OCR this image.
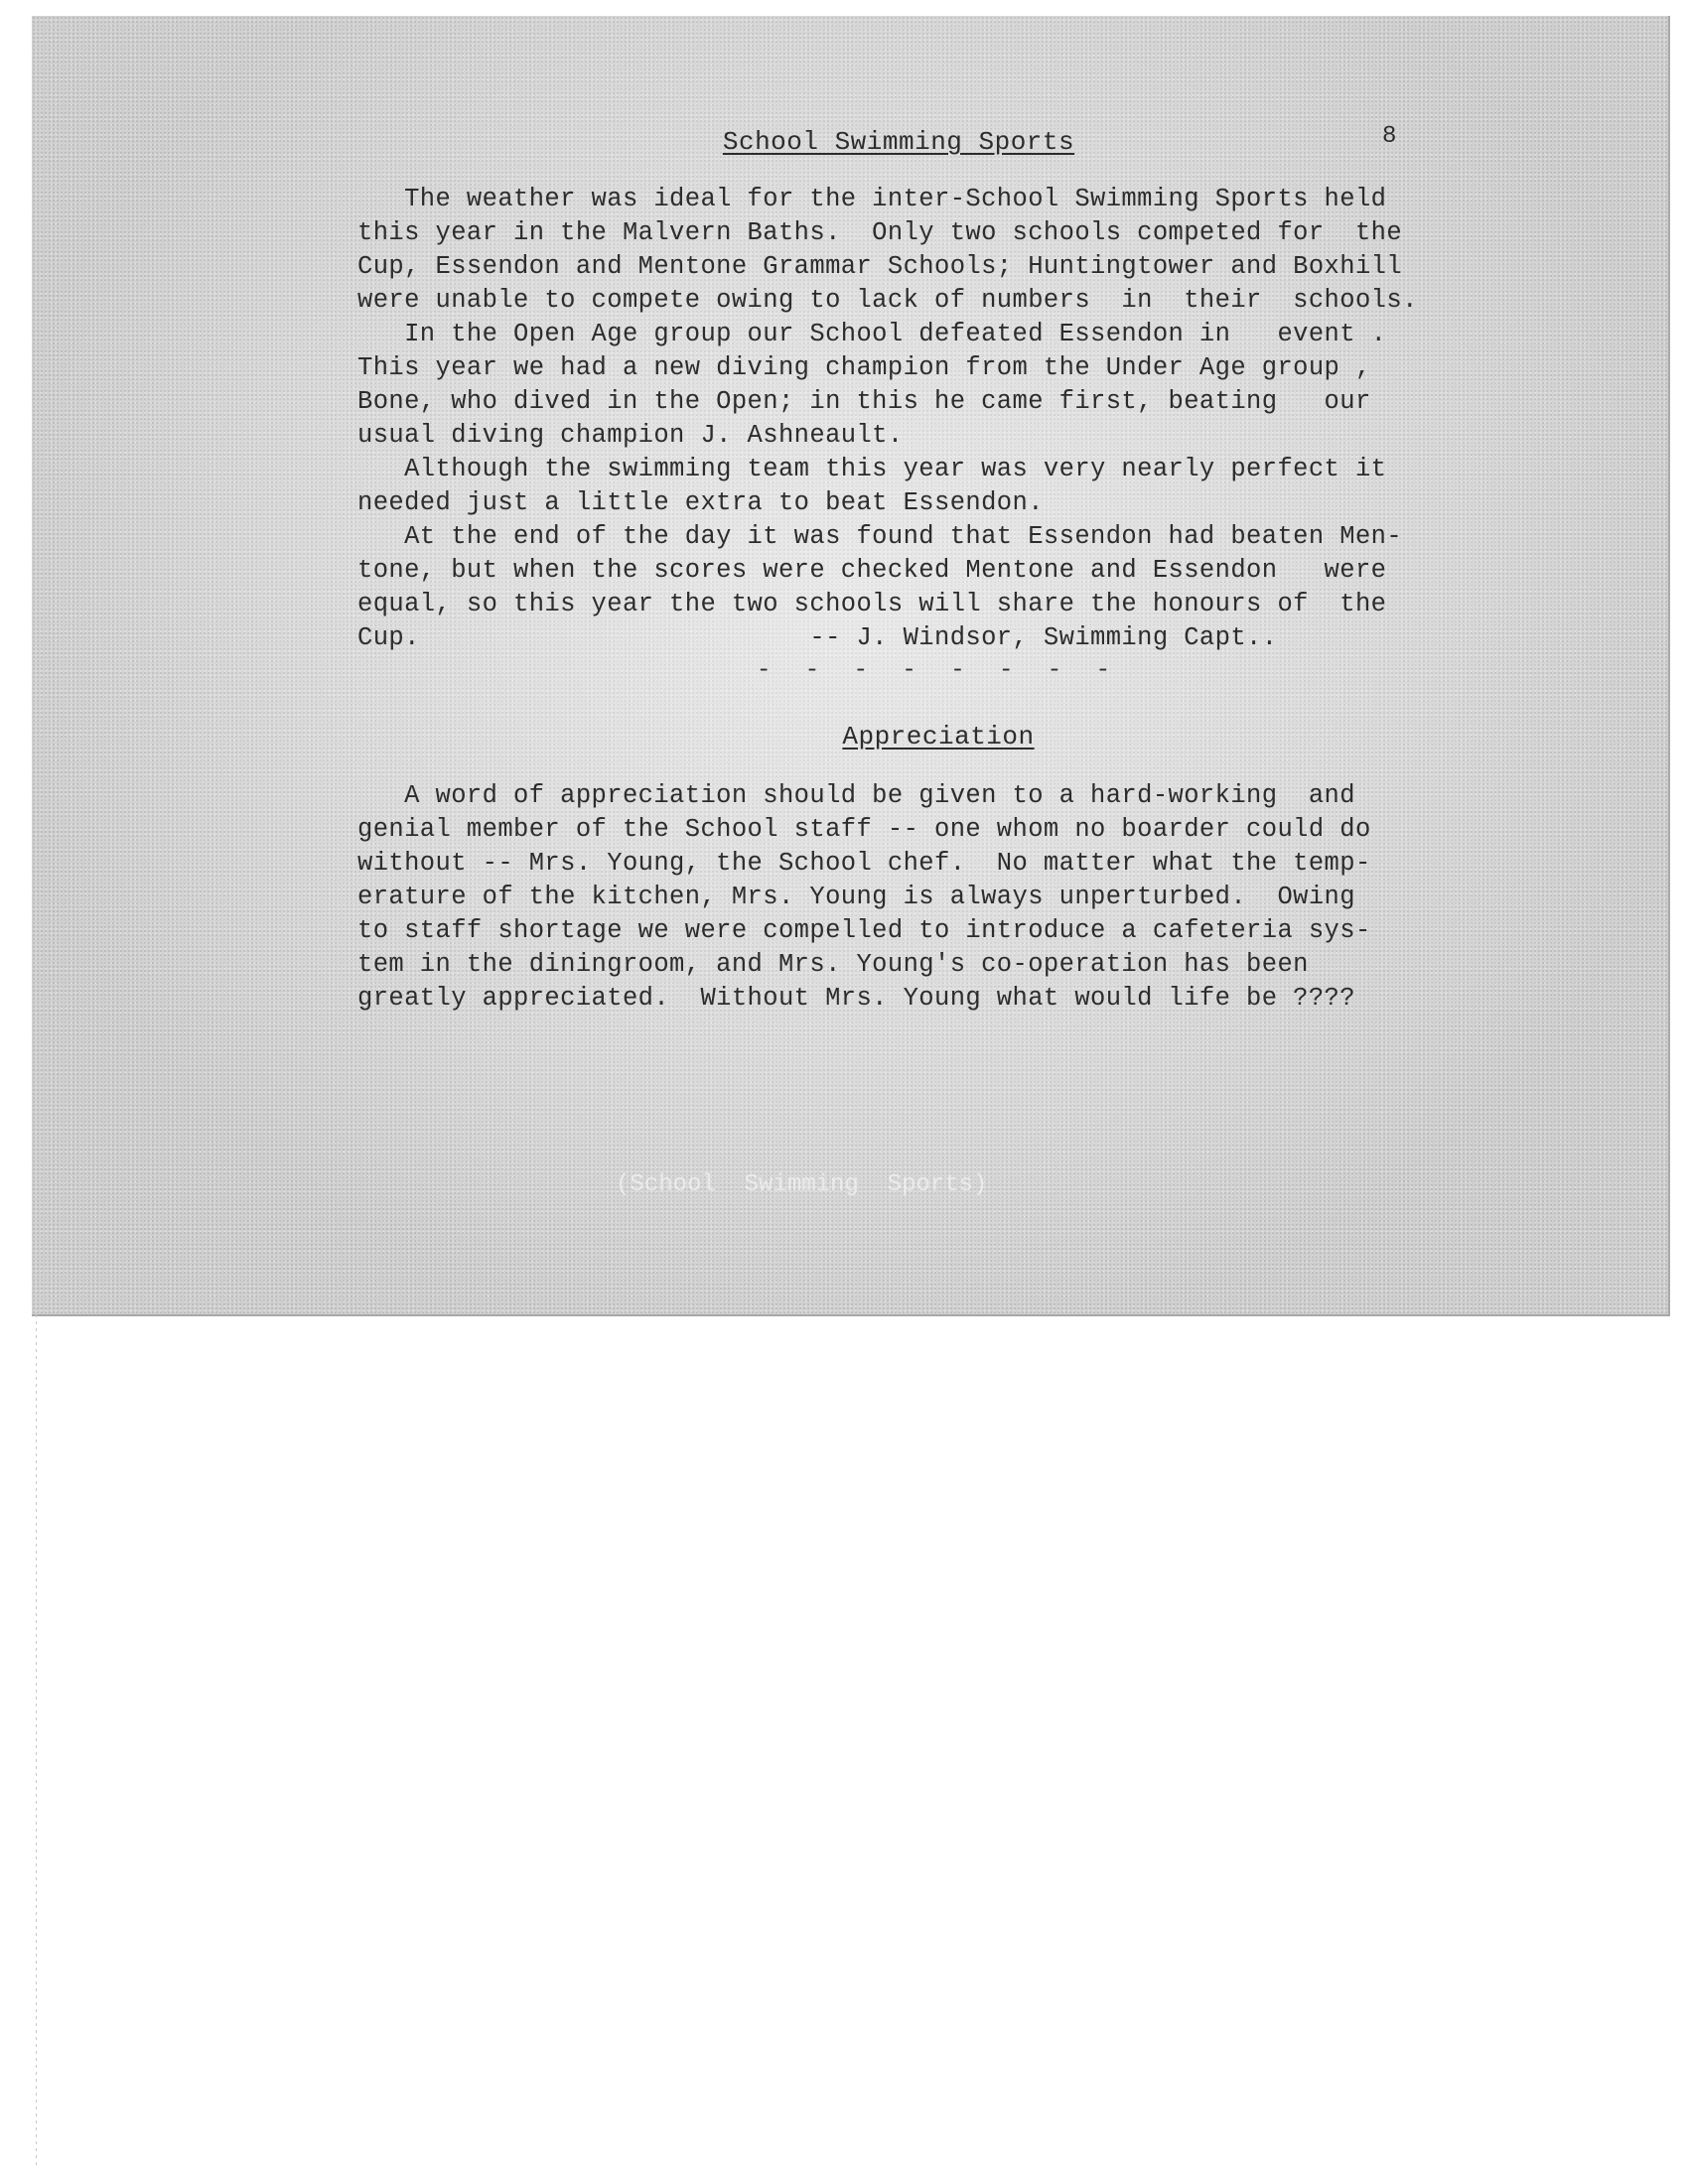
(School  Swimming  Sports)
8
School Swimming Sports
The weather was ideal for the inter-School Swimming Sports held
this year in the Malvern Baths.  Only two schools competed for  the
Cup, Essendon and Mentone Grammar Schools; Huntingtower and Boxhill
were unable to compete owing to lack of numbers  in  their  schools.
In the Open Age group our School defeated Essendon in   event .
This year we had a new diving champion from the Under Age group ,
Bone, who dived in the Open; in this he came first, beating   our
usual diving champion J. Ashneault.
Although the swimming team this year was very nearly perfect it
needed just a little extra to beat Essendon.
At the end of the day it was found that Essendon had beaten Men-
tone, but when the scores were checked Mentone and Essendon   were
equal, so this year the two schools will share the honours of  the
Cup.                         -- J. Windsor, Swimming Capt..
- - - - - - - -
Appreciation
A word of appreciation should be given to a hard-working  and
genial member of the School staff -- one whom no boarder could do
without -- Mrs. Young, the School chef.  No matter what the temp-
erature of the kitchen, Mrs. Young is always unperturbed.  Owing
to staff shortage we were compelled to introduce a cafeteria sys-
tem in the diningroom, and Mrs. Young's co-operation has been
greatly appreciated.  Without Mrs. Young what would life be ????
